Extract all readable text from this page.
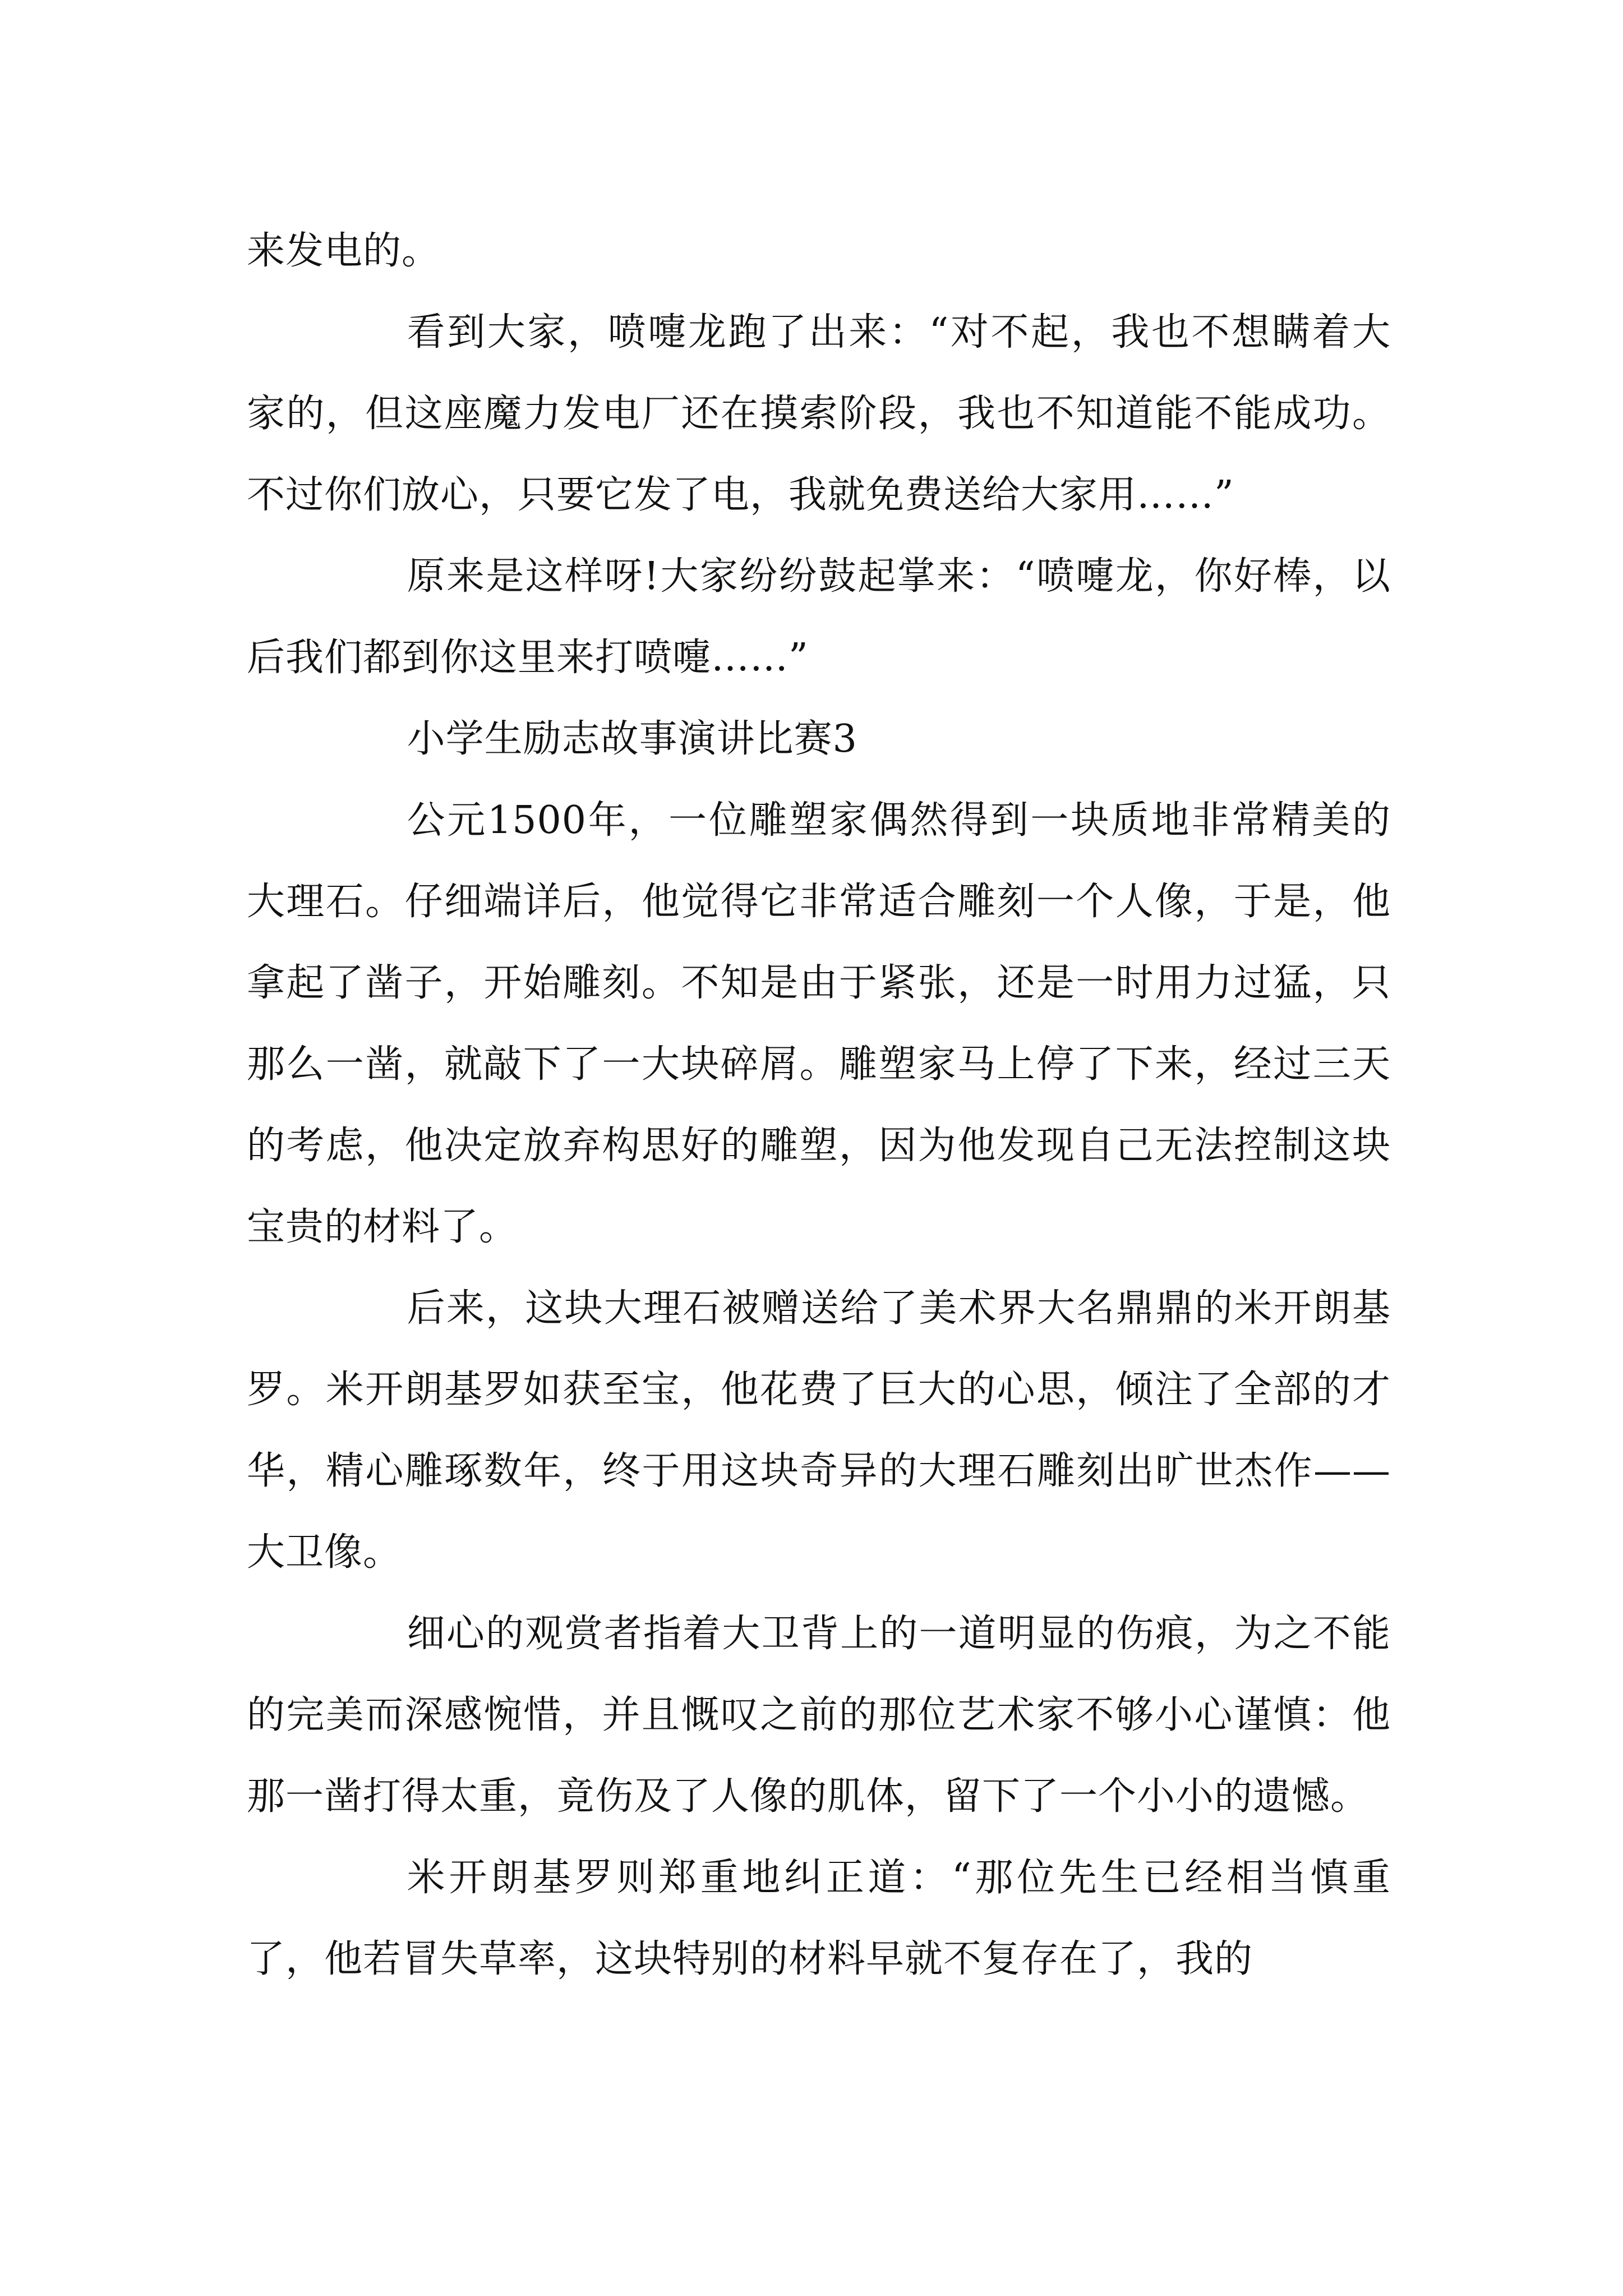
来发电的。

看到大家，喷嚏龙跑了出来：“对不起，我也不想瞒着大家的，但这座魔力发电厂还在摸索阶段，我也不知道能不能成功。不过你们放心，只要它发了电，我就免费送给大家用……”

原来是这样呀!大家纷纷鼓起掌来：“喷嚏龙，你好棒，以后我们都到你这里来打喷嚏……”

小学生励志故事演讲比赛3

公元1500年，一位雕塑家偶然得到一块质地非常精美的大理石。仔细端详后，他觉得它非常适合雕刻一个人像，于是，他拿起了凿子，开始雕刻。不知是由于紧张，还是一时用力过猛，只那么一凿，就敲下了一大块碎屑。雕塑家马上停了下来，经过三天的考虑，他决定放弃构思好的雕塑，因为他发现自己无法控制这块宝贵的材料了。

后来，这块大理石被赠送给了美术界大名鼎鼎的米开朗基罗。米开朗基罗如获至宝，他花费了巨大的心思，倾注了全部的才华，精心雕琢数年，终于用这块奇异的大理石雕刻出旷世杰作——大卫像。

细心的观赏者指着大卫背上的一道明显的伤痕，为之不能的完美而深感惋惜，并且慨叹之前的那位艺术家不够小心谨慎：他那一凿打得太重，竟伤及了人像的肌体，留下了一个小小的遗憾。

米开朗基罗则郑重地纠正道：“那位先生已经相当慎重了，他若冒失草率，这块特别的材料早就不复存在了，我的
